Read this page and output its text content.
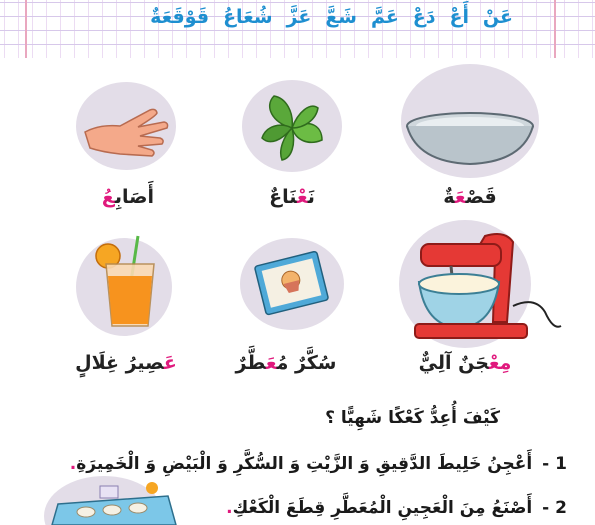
عَنْ
أَعْ
دَعْ
عَمَّ
شَعَّ
عَزَّ
شُعَاعُ
قَوْقَعَةٌ
قَصْعَةٌ
نَعْنَاعٌ
أَصَابِعُ
مِعْجَنٌ آلِيٌّ
سُكَّرٌ مُعَطَّرٌ
عَصِيرُ غِلَالٍ
كَيْفَ أُعِدُّ كَعْكًا شَهِيًّا ؟
1 - أَعْجِنُ خَلِيطَ الدَّقِيقِ وَ الزَّيْتِ وَ السُّكَّرِ وَ الْبَيْضِ وَ الْخَمِيرَةِ.
2 - أَصْنَعُ مِنَ الْعَجِينِ الْمُعَطَّرِ قِطَعَ الْكَعْكِ.
